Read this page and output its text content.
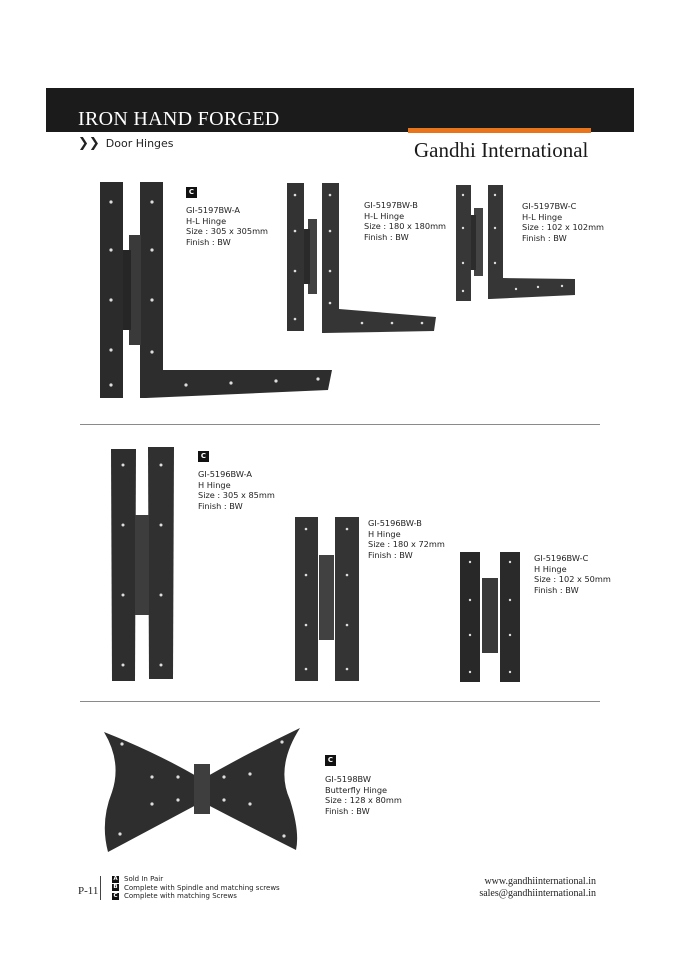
IRON HAND FORGED
❯❯ Door Hinges	Gandhi International
C
GI-5197BW-A
H-L Hinge
Size : 305 x 305mm
Finish : BW
GI-5197BW-B
H-L Hinge
Size : 180 x 180mm
Finish : BW
GI-5197BW-C
H-L Hinge
Size : 102 x 102mm
Finish : BW
C
GI-5196BW-A
H Hinge
Size : 305 x 85mm
Finish : BW
GI-5196BW-B
H Hinge
Size : 180 x 72mm
Finish : BW	GI-5196BW-C
H Hinge
Size : 102 x 50mm
Finish : BW
C
GI-5198BW
Butterfly Hinge
Size : 128 x 80mm
Finish : BW
P-11
A Sold In Pair
B Complete with Spindle and matching screws
C Complete with matching Screws
www.gandhiinternational.in
sales@gandhiinternational.in
